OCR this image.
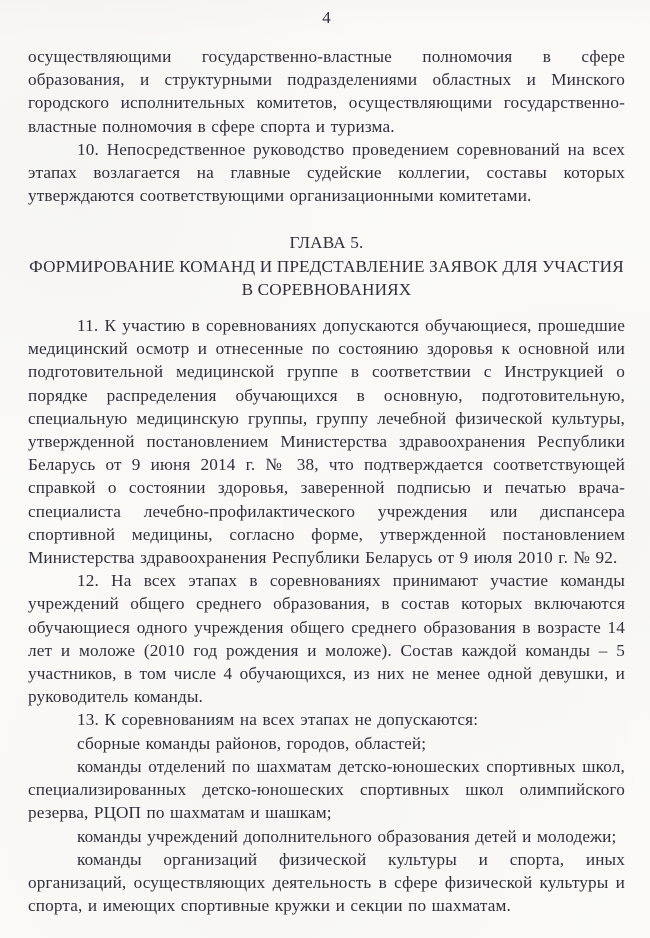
4

осуществляющими государственно-властные полномочия в сфере образования, и структурными подразделениями областных и Минского городского исполнительных комитетов, осуществляющими государственно-властные полномочия в сфере спорта и туризма.

10. Непосредственное руководство проведением соревнований на всех этапах возлагается на главные судейские коллегии, составы которых утверждаются соответствующими организационными комитетами.

ГЛАВА 5.
ФОРМИРОВАНИЕ КОМАНД И ПРЕДСТАВЛЕНИЕ ЗАЯВОК ДЛЯ УЧАСТИЯ В СОРЕВНОВАНИЯХ

11. К участию в соревнованиях допускаются обучающиеся, прошедшие медицинский осмотр и отнесенные по состоянию здоровья к основной или подготовительной медицинской группе в соответствии с Инструкцией о порядке распределения обучающихся в основную, подготовительную, специальную медицинскую группы, группу лечебной физической культуры, утвержденной постановлением Министерства здравоохранения Республики Беларусь от 9 июня 2014 г. № 38, что подтверждается соответствующей справкой о состоянии здоровья, заверенной подписью и печатью врача-специалиста лечебно-профилактического учреждения или диспансера спортивной медицины, согласно форме, утвержденной постановлением Министерства здравоохранения Республики Беларусь от 9 июля 2010 г. № 92.

12. На всех этапах в соревнованиях принимают участие команды учреждений общего среднего образования, в состав которых включаются обучающиеся одного учреждения общего среднего образования в возрасте 14 лет и моложе (2010 год рождения и моложе). Состав каждой команды – 5 участников, в том числе 4 обучающихся, из них не менее одной девушки, и руководитель команды.

13. К соревнованиям на всех этапах не допускаются:

сборные команды районов, городов, областей;

команды отделений по шахматам детско-юношеских спортивных школ, специализированных детско-юношеских спортивных школ олимпийского резерва, РЦОП по шахматам и шашкам;

команды учреждений дополнительного образования детей и молодежи;

команды организаций физической культуры и спорта, иных организаций, осуществляющих деятельность в сфере физической культуры и спорта, и имеющих спортивные кружки и секции по шахматам.
